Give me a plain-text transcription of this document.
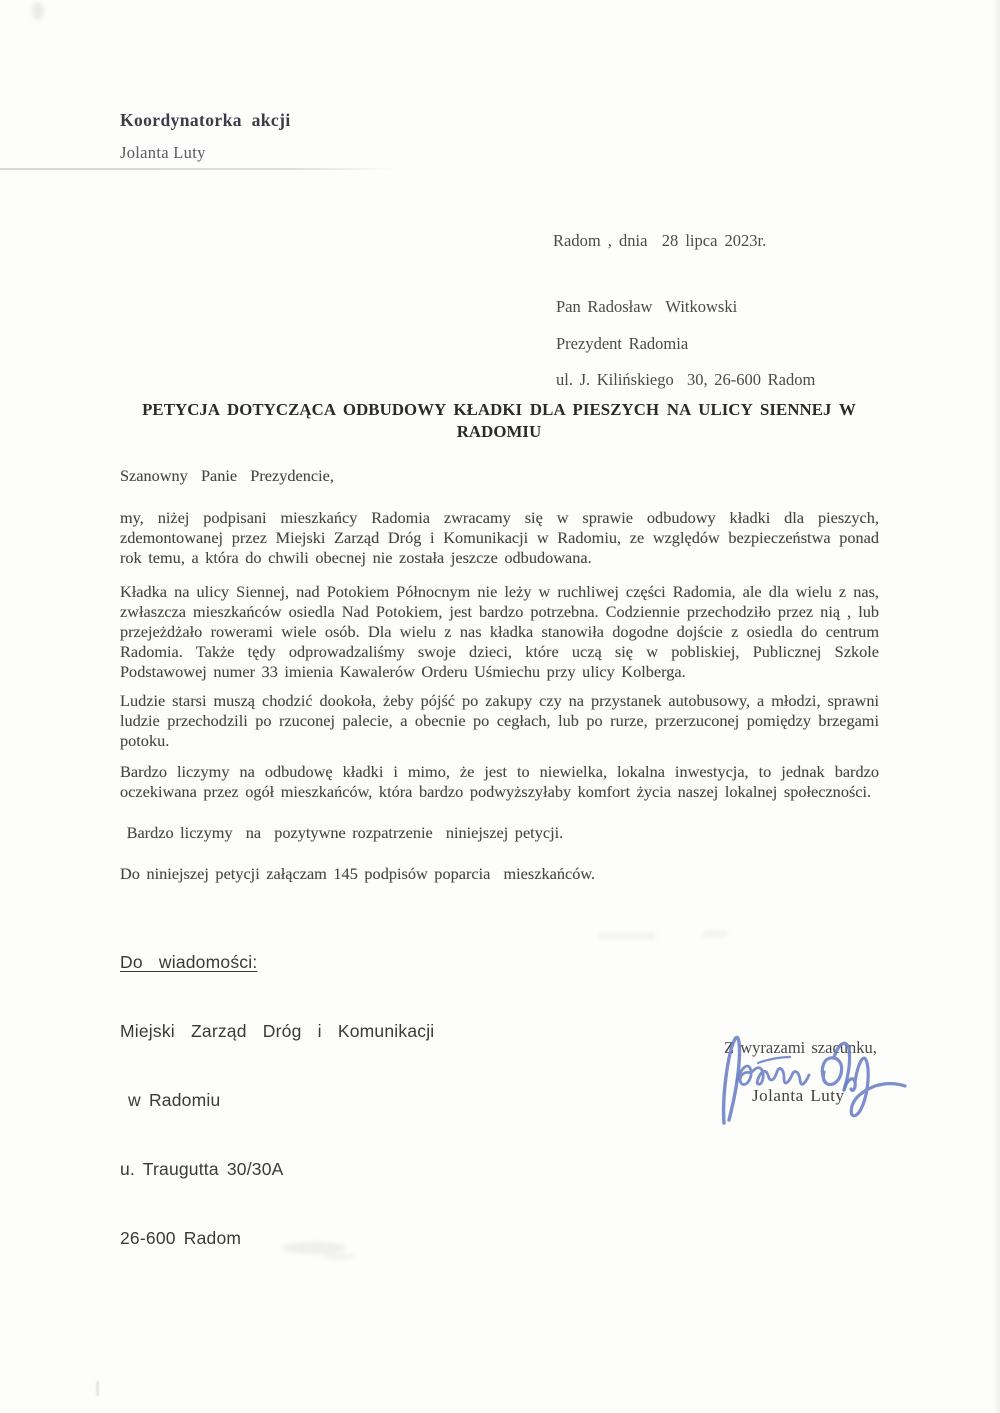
Koordynatorka akcji
Jolanta Luty
Radom , dnia  28 lipca 2023r.
Pan Radosław  Witkowski
Prezydent Radomia
ul. J. Kilińskiego  30, 26-600 Radom
PETYCJA DOTYCZĄCA ODBUDOWY KŁADKI DLA PIESZYCH NA ULICY SIENNEJ W
RADOMIU
Szanowny  Panie  Prezydencie,
my, niżej podpisani mieszkańcy Radomia zwracamy się w sprawie odbudowy kładki dla pieszych, zdemontowanej przez Miejski Zarząd Dróg i Komunikacji w Radomiu, ze względów bezpieczeństwa ponad rok temu, a która do chwili obecnej nie została jeszcze odbudowana.
Kładka na ulicy Siennej, nad Potokiem Północnym nie leży w ruchliwej części Radomia, ale dla wielu z nas, zwłaszcza mieszkańców osiedla Nad Potokiem, jest bardzo potrzebna. Codziennie przechodziło przez nią , lub przejeżdżało rowerami wiele osób. Dla wielu z nas kładka stanowiła dogodne dojście z osiedla do centrum Radomia. Także tędy odprowadzaliśmy swoje dzieci, które uczą się w pobliskiej, Publicznej Szkole Podstawowej numer 33 imienia Kawalerów Orderu Uśmiechu przy ulicy Kolberga.
Ludzie starsi muszą chodzić dookoła, żeby pójść po zakupy czy na przystanek autobusowy, a młodzi, sprawni ludzie przechodzili po rzuconej palecie, a obecnie po cegłach, lub po rurze, przerzuconej pomiędzy brzegami potoku.
Bardzo liczymy na odbudowę kładki i mimo, że jest to niewielka, lokalna inwestycja, to jednak bardzo oczekiwana przez ogół mieszkańców, która bardzo podwyższyłaby komfort życia naszej lokalnej społeczności.
Bardzo liczymy  na  pozytywne rozpatrzenie  niniejszej petycji.
Do niniejszej petycji załączam 145 podpisów poparcia  mieszkańców.

Do  wiadomości:

Miejski  Zarząd  Dróg  i  Komunikacji

w Radomiu

u. Traugutta 30/30A

26-600 Radom

Z wyrazami szacunku,
Jolanta Luty
